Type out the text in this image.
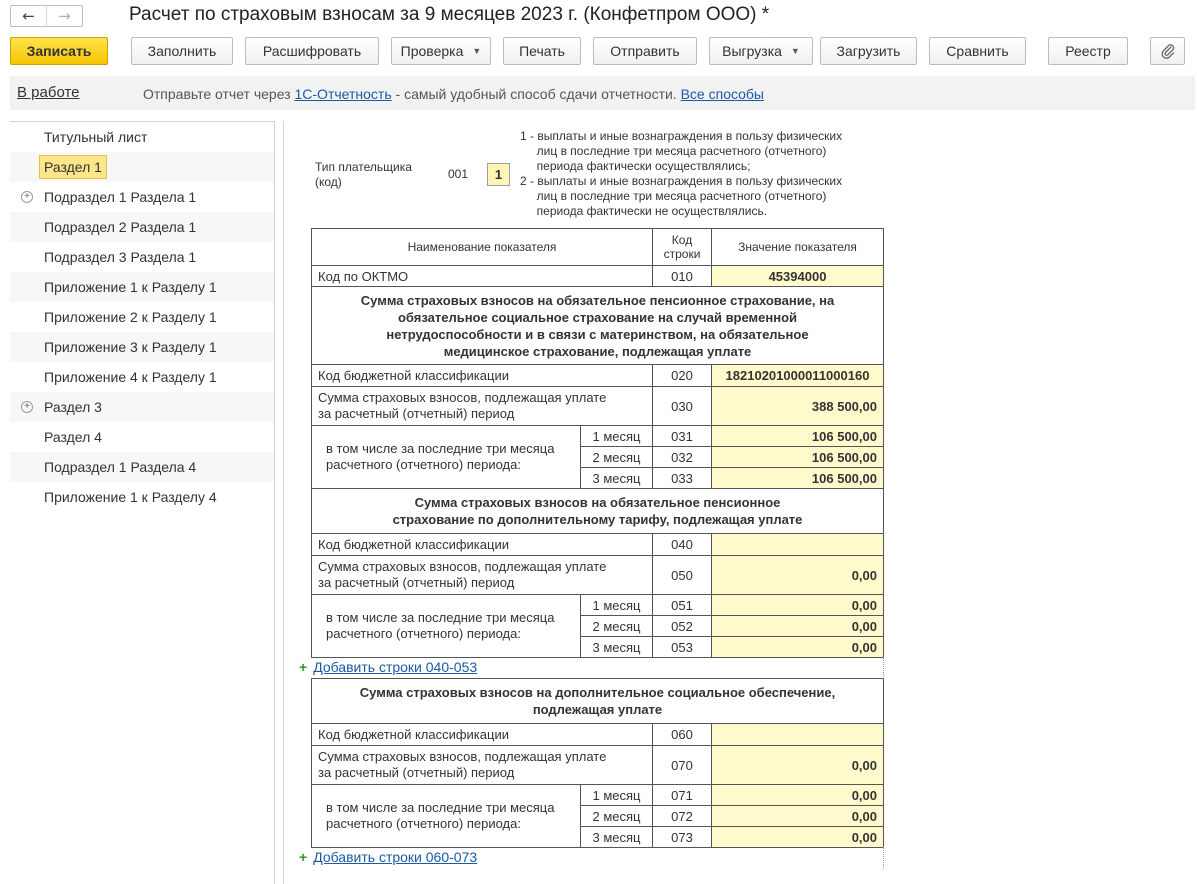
←	→	Расчет по страховым взносам за 9 месяцев 2023 г. (Конфетпром ООО) *
Записать	Заполнить	Расшифровать	Проверка ▼	Печать	Отправить	Выгрузка ▼	Загрузить	Сравнить	Реестр
В работе	Отправьте отчет через 1С-Отчетность - самый удобный способ сдачи отчетности. Все способы
Титульный лист
Раздел 1
+ Подраздел 1 Раздела 1
Подраздел 2 Раздела 1
Подраздел 3 Раздела 1
Приложение 1 к Разделу 1
Приложение 2 к Разделу 1
Приложение 3 к Разделу 1
Приложение 4 к Разделу 1
+ Раздел 3
Раздел 4
Подраздел 1 Раздела 4
Приложение 1 к Разделу 4
Тип плательщика
(код)
001	1
1 - выплаты и иные вознаграждения в пользу физических
лиц в последние три месяца расчетного (отчетного)
периода фактически осуществлялись;
2 - выплаты и иные вознаграждения в пользу физических
лиц в последние три месяца расчетного (отчетного)
периода фактически не осуществлялись.
Наименование показателя	Код строки	Значение показателя
Код по ОКТМО	010	45394000
Сумма страховых взносов на обязательное пенсионное страхование, на обязательное социальное страхование на случай временной нетрудоспособности и в связи с материнством, на обязательное медицинское страхование, подлежащая уплате
Код бюджетной классификации	020	18210201000011000160
Сумма страховых взносов, подлежащая уплате за расчетный (отчетный) период	030	388 500,00
в том числе за последние три месяца расчетного (отчетного) периода:
1 месяц	031	106 500,00
2 месяц	032	106 500,00
3 месяц	033	106 500,00
Сумма страховых взносов на обязательное пенсионное страхование по дополнительному тарифу, подлежащая уплате
Код бюджетной классификации	040
Сумма страховых взносов, подлежащая уплате за расчетный (отчетный) период	050	0,00
в том числе за последние три месяца расчетного (отчетного) периода:
1 месяц	051	0,00
2 месяц	052	0,00
3 месяц	053	0,00
+ Добавить строки 040-053
Сумма страховых взносов на дополнительное социальное обеспечение, подлежащая уплате
Код бюджетной классификации	060
Сумма страховых взносов, подлежащая уплате за расчетный (отчетный) период	070	0,00
в том числе за последние три месяца расчетного (отчетного) периода:
1 месяц	071	0,00
2 месяц	072	0,00
3 месяц	073	0,00
+ Добавить строки 060-073
